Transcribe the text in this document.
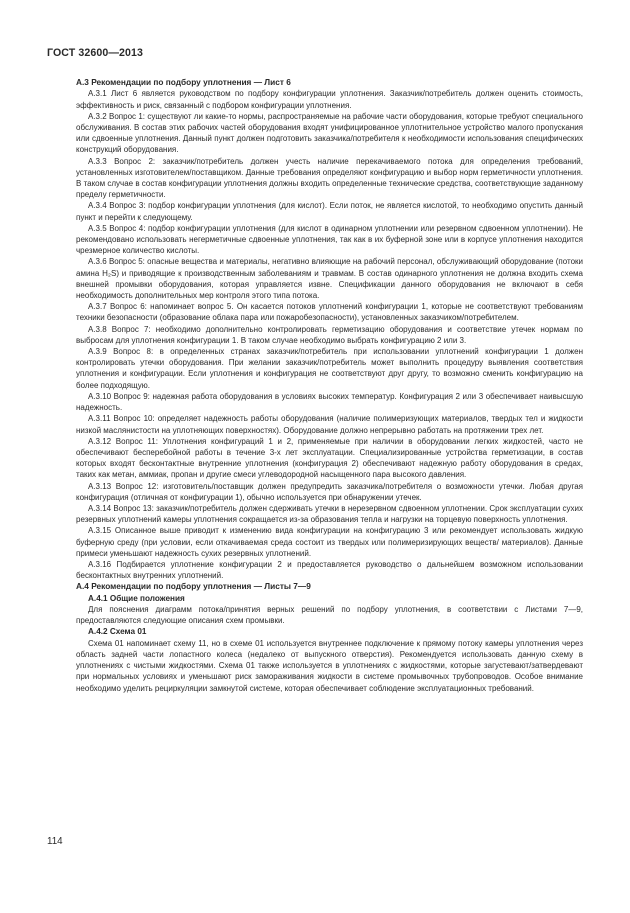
ГОСТ 32600—2013
А.3 Рекомендации по подбору уплотнения — Лист 6

А.3.1 Лист 6 является руководством по подбору конфигурации уплотнения. Заказчик/потребитель должен оценить стоимость, эффективность и риск, связанный с подбором конфигурации уплотнения.

А.3.2 Вопрос 1: существуют ли какие-то нормы, распространяемые на рабочие части оборудования, которые требуют специального обслуживания. В состав этих рабочих частей оборудования входят унифицированное уплотнительное устройство малого пропускания или сдвоенные уплотнения. Данный пункт должен подготовить заказчика/потребителя к необходимости использования специфических конструкций оборудования.

А.3.3 Вопрос 2: заказчик/потребитель должен учесть наличие перекачиваемого потока для определения требований, установленных изготовителем/поставщиком. Данные требования определяют конфигурацию и выбор норм герметичности уплотнения. В таком случае в состав конфигурации уплотнения должны входить определенные технические средства, соответствующие заданному пределу герметичности.

А.3.4 Вопрос 3: подбор конфигурации уплотнения (для кислот). Если поток, не является кислотой, то необходимо опустить данный пункт и перейти к следующему.

А.3.5 Вопрос 4: подбор конфигурации уплотнения (для кислот в одинарном уплотнении или резервном сдвоенном уплотнении). Не рекомендовано использовать негерметичные сдвоенные уплотнения, так как в их буферной зоне или в корпусе уплотнения находится чрезмерное количество кислоты.

А.3.6 Вопрос 5: опасные вещества и материалы, негативно влияющие на рабочий персонал, обслуживающий оборудование (потоки амина H₂S) и приводящие к производственным заболеваниям и травмам. В состав одинарного уплотнения не должна входить схема внешней промывки оборудования, которая управляется извне. Спецификации данного оборудования не включают в себя необходимость дополнительных мер контроля этого типа потока.

А.3.7 Вопрос 6: напоминает вопрос 5. Он касается потоков уплотнений конфигурации 1, которые не соответствуют требованиям техники безопасности (образование облака пара или пожаробезопасности), установленных заказчиком/потребителем.

А.3.8 Вопрос 7: необходимо дополнительно контролировать герметизацию оборудования и соответствие утечек нормам по выбросам для уплотнения конфигурации 1. В таком случае необходимо выбрать конфигурацию 2 или 3.

А.3.9 Вопрос 8: в определенных странах заказчик/потребитель при использовании уплотнений конфигурации 1 должен контролировать утечки оборудования. При желании заказчик/потребитель может выполнить процедуру выявления соответствия уплотнения и конфигурации. Если уплотнения и конфигурация не соответствуют друг другу, то возможно сменить конфигурацию на более подходящую.

А.3.10 Вопрос 9: надежная работа оборудования в условиях высоких температур. Конфигурация 2 или 3 обеспечивает наивысшую надежность.

А.3.11 Вопрос 10: определяет надежность работы оборудования (наличие полимеризующих материалов, твердых тел и жидкости низкой маслянистости на уплотняющих поверхностях). Оборудование должно непрерывно работать на протяжении трех лет.

А.3.12 Вопрос 11: Уплотнения конфигураций 1 и 2, применяемые при наличии в оборудовании легких жидкостей, часто не обеспечивают бесперебойной работы в течение 3-х лет эксплуатации. Специализированные устройства герметизации, в состав которых входят бесконтактные внутренние уплотнения (конфигурация 2) обеспечивают надежную работу оборудования в средах, таких как метан, аммиак, пропан и другие смеси углеводородной насыщенного пара высокого давления.

А.3.13 Вопрос 12: изготовитель/поставщик должен предупредить заказчика/потребителя о возможности утечки. Любая другая конфигурация (отличная от конфигурации 1), обычно используется при обнаружении утечек.

А.3.14 Вопрос 13: заказчик/потребитель должен сдерживать утечки в нерезервном сдвоенном уплотнении. Срок эксплуатации сухих резервных уплотнений камеры уплотнения сокращается из-за образования тепла и нагрузки на торцевую поверхность уплотнения.

А.3.15 Описанное выше приводит к изменению вида конфигурации на конфигурацию 3 или рекомендует использовать жидкую буферную среду (при условии, если откачиваемая среда состоит из твердых или полимеризирующих веществ/ материалов). Данные примеси уменьшают надежность сухих резервных уплотнений.

А.3.16 Подбирается уплотнение конфигурации 2 и предоставляется руководство о дальнейшем возможном использовании бесконтактных внутренних уплотнений.

А.4 Рекомендации по подбору уплотнения — Листы 7—9
А.4.1 Общие положения

Для пояснения диаграмм потока/принятия верных решений по подбору уплотнения, в соответствии с Листами 7—9, предоставляются следующие описания схем промывки.

А.4.2 Схема 01

Схема 01 напоминает схему 11, но в схеме 01 используется внутреннее подключение к прямому потоку камеры уплотнения через область задней части лопастного колеса (недалеко от выпускного отверстия). Рекомендуется использовать данную схему в уплотнениях с чистыми жидкостями. Схема 01 также используется в уплотнениях с жидкостями, которые загустевают/затвердевают при нормальных условиях и уменьшают риск замораживания жидкости в системе промывочных трубопроводов. Особое внимание необходимо уделить рециркуляции замкнутой системе, которая обеспечивает соблюдение эксплуатационных требований.

114
